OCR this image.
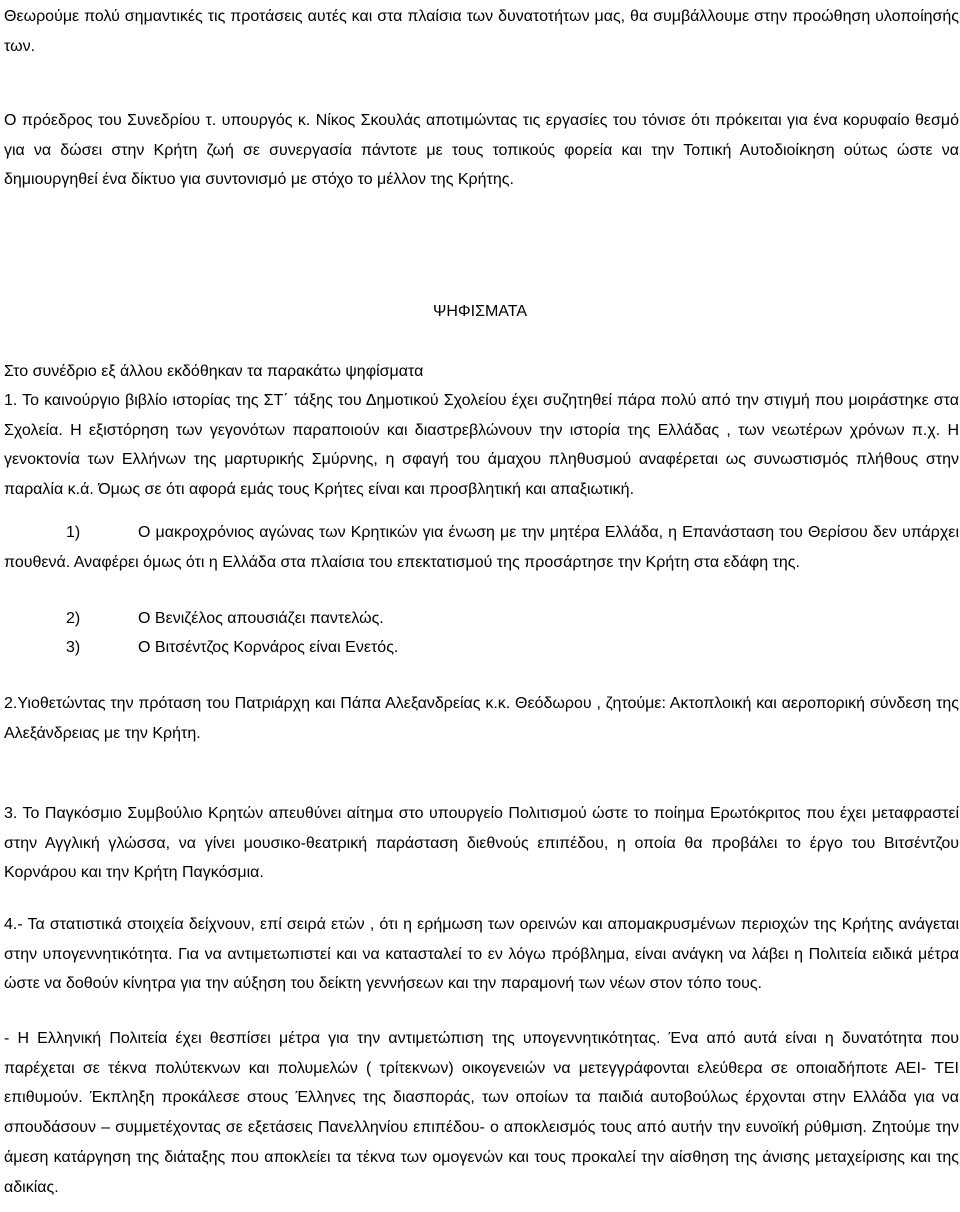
Θεωρούμε πολύ σημαντικές τις προτάσεις αυτές και στα πλαίσια των δυνατοτήτων μας, θα συμβάλλουμε στην προώθηση υλοποίησής των.

Ο πρόεδρος του Συνεδρίου τ. υπουργός κ. Νίκος Σκουλάς αποτιμώντας τις εργασίες του τόνισε ότι πρόκειται για ένα κορυφαίο θεσμό για να δώσει στην Κρήτη ζωή σε συνεργασία πάντοτε με τους τοπικούς φορεία και την Τοπική Αυτοδιοίκηση ούτως ώστε να δημιουργηθεί ένα δίκτυο για συντονισμό με στόχο το μέλλον της Κρήτης.

ΨΗΦΙΣΜΑΤΑ

Στο συνέδριο εξ άλλου εκδόθηκαν τα παρακάτω ψηφίσματα

1. Το καινούργιο βιβλίο ιστορίας της ΣΤ΄ τάξης του Δημοτικού Σχολείου έχει συζητηθεί πάρα πολύ από την στιγμή που μοιράστηκε στα Σχολεία. Η εξιστόρηση των γεγονότων παραποιούν και διαστρεβλώνουν την ιστορία της Ελλάδας , των νεωτέρων χρόνων π.χ. Η γενοκτονία των Ελλήνων της μαρτυρικής Σμύρνης, η σφαγή του άμαχου πληθυσμού αναφέρεται ως συνωστισμός πλήθους στην παραλία κ.ά. Όμως σε ότι αφορά εμάς τους Κρήτες είναι και προσβλητική και απαξιωτική.

1)	Ο μακροχρόνιος αγώνας των Κρητικών για ένωση με την μητέρα Ελλάδα, η Επανάσταση του Θερίσου δεν υπάρχει πουθενά. Αναφέρει όμως ότι η Ελλάδα στα πλαίσια του επεκτατισμού της προσάρτησε την Κρήτη στα εδάφη της.

2)	Ο Βενιζέλος απουσιάζει παντελώς.

3)	Ο Βιτσέντζος Κορνάρος είναι Ενετός.

2.Υιοθετώντας την πρόταση του Πατριάρχη και Πάπα Αλεξανδρείας κ.κ. Θεόδωρου , ζητούμε: Ακτοπλοική και αεροπορική σύνδεση της Αλεξάνδρειας με την Κρήτη.

3. Το Παγκόσμιο Συμβούλιο Κρητών απευθύνει αίτημα στο υπουργείο Πολιτισμού ώστε το ποίημα Ερωτόκριτος που έχει μεταφραστεί στην Αγγλική γλώσσα, να γίνει μουσικο-θεατρική παράσταση διεθνούς επιπέδου, η οποία θα προβάλει το έργο του Βιτσέντζου Κορνάρου και την Κρήτη Παγκόσμια.

4.- Τα στατιστικά στοιχεία δείχνουν, επί σειρά ετών , ότι η ερήμωση των ορεινών και απομακρυσμένων περιοχών της Κρήτης ανάγεται στην υπογεννητικότητα. Για να αντιμετωπιστεί και να κατασταλεί το εν λόγω πρόβλημα, είναι ανάγκη να λάβει η Πολιτεία ειδικά μέτρα ώστε να δοθούν κίνητρα για την αύξηση του δείκτη γεννήσεων και την παραμονή των νέων στον τόπο τους.

- Η Ελληνική Πολιτεία έχει θεσπίσει μέτρα για την αντιμετώπιση της υπογεννητικότητας. Ένα από αυτά είναι η δυνατότητα που παρέχεται σε τέκνα πολύτεκνων και πολυμελών ( τρίτεκνων) οικογενειών να μετεγγράφονται ελεύθερα σε οποιαδήποτε ΑΕΙ- ΤΕΙ επιθυμούν. Έκπληξη προκάλεσε στους Έλληνες της διασποράς, των οποίων τα παιδιά αυτοβούλως έρχονται στην Ελλάδα για να σπουδάσουν – συμμετέχοντας σε εξετάσεις Πανελληνίου επιπέδου- ο αποκλεισμός τους από αυτήν την ευνοϊκή ρύθμιση. Ζητούμε την άμεση κατάργηση της διάταξης που αποκλείει τα τέκνα των ομογενών και τους προκαλεί την αίσθηση της άνισης μεταχείρισης και της αδικίας.
